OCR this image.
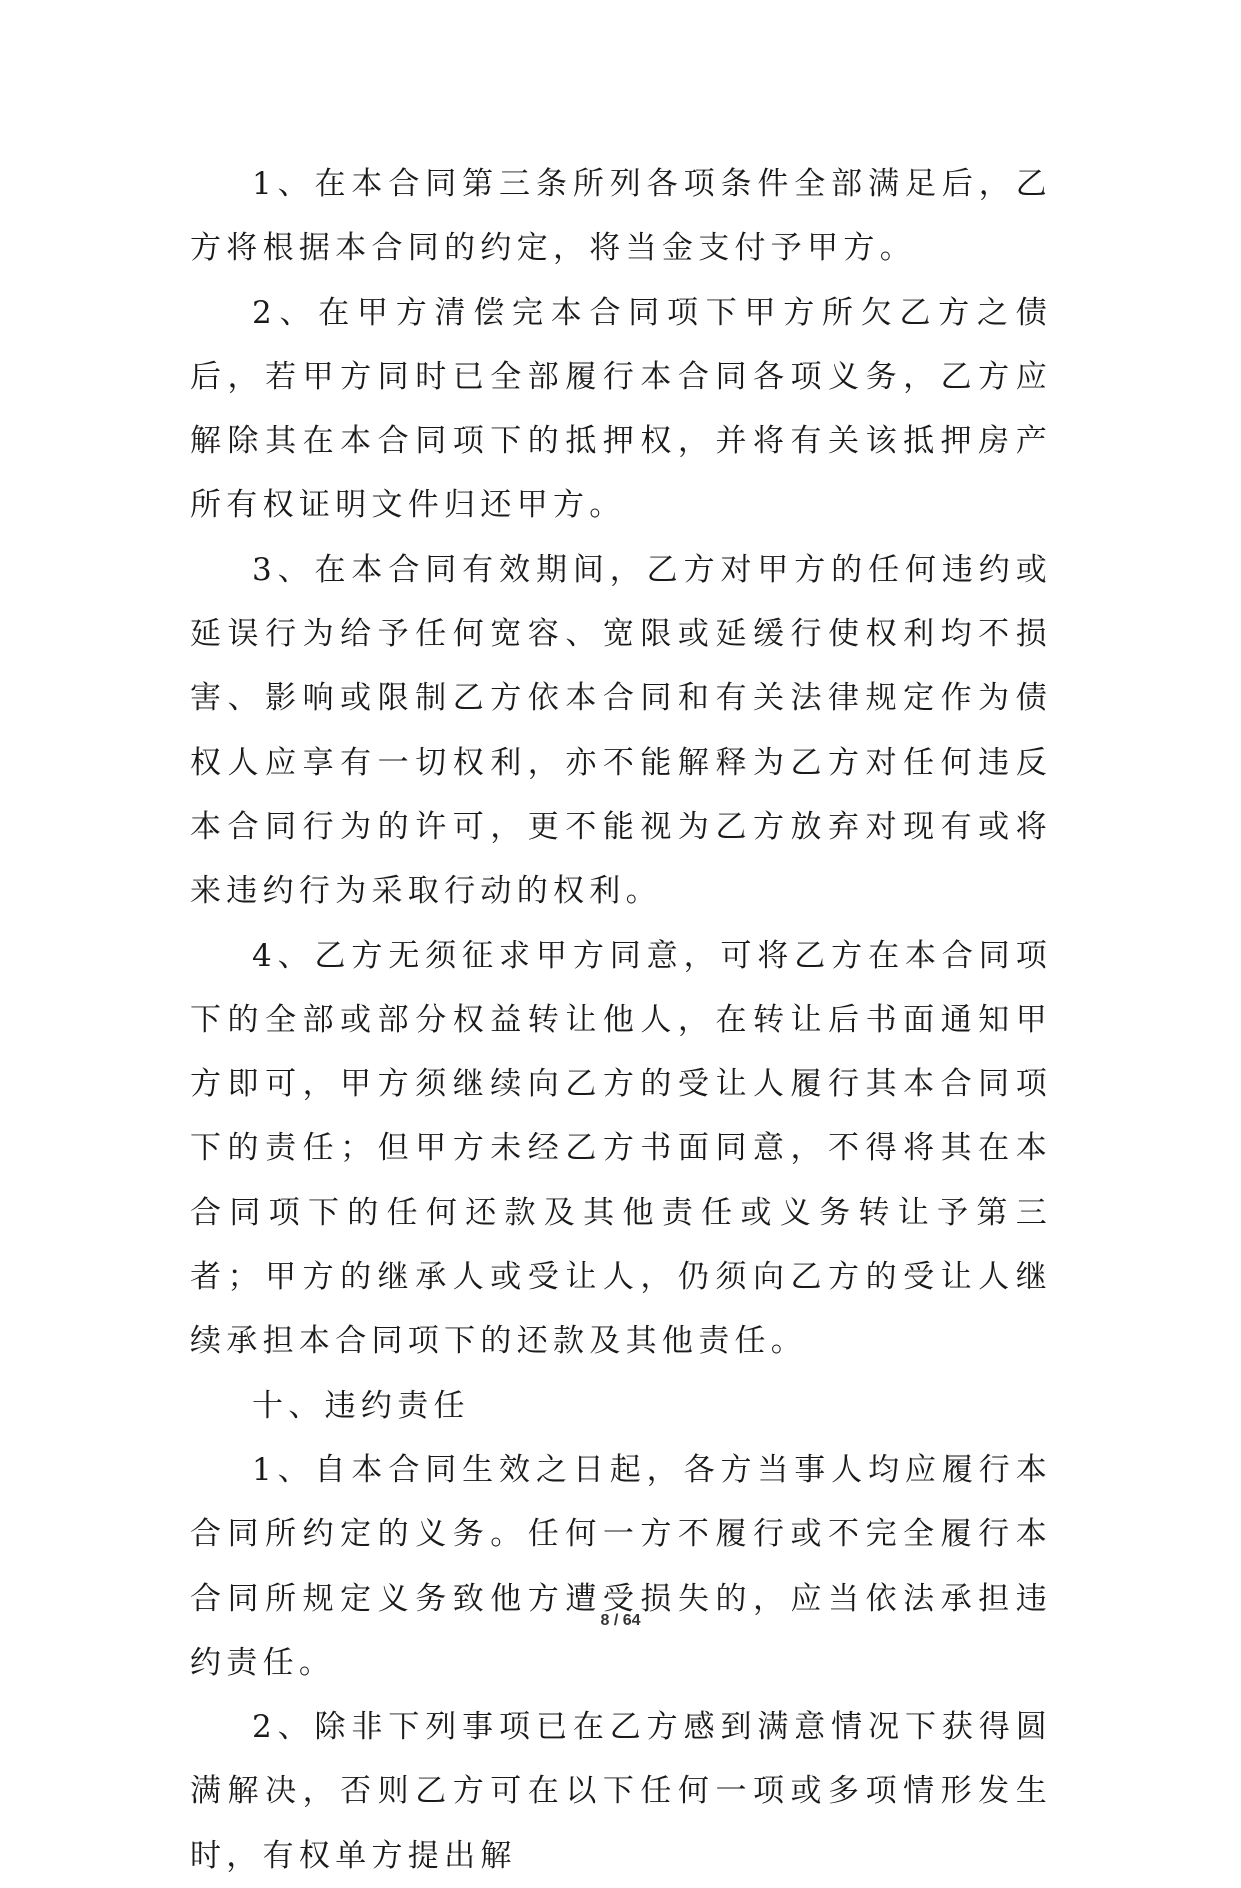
1、在本合同第三条所列各项条件全部满足后，乙方将根据本合同的约定，将当金支付予甲方。

2、在甲方清偿完本合同项下甲方所欠乙方之债后，若甲方同时已全部履行本合同各项义务，乙方应解除其在本合同项下的抵押权，并将有关该抵押房产所有权证明文件归还甲方。

3、在本合同有效期间，乙方对甲方的任何违约或延误行为给予任何宽容、宽限或延缓行使权利均不损害、影响或限制乙方依本合同和有关法律规定作为债权人应享有一切权利，亦不能解释为乙方对任何违反本合同行为的许可，更不能视为乙方放弃对现有或将来违约行为采取行动的权利。

4、乙方无须征求甲方同意，可将乙方在本合同项下的全部或部分权益转让他人，在转让后书面通知甲方即可，甲方须继续向乙方的受让人履行其本合同项下的责任；但甲方未经乙方书面同意，不得将其在本合同项下的任何还款及其他责任或义务转让予第三者；甲方的继承人或受让人，仍须向乙方的受让人继续承担本合同项下的还款及其他责任。

十、违约责任

1、自本合同生效之日起，各方当事人均应履行本合同所约定的义务。任何一方不履行或不完全履行本合同所规定义务致他方遭受损失的，应当依法承担违约责任。

2、除非下列事项已在乙方感到满意情况下获得圆满解决，否则乙方可在以下任何一项或多项情形发生时，有权单方提出解

8 / 64
